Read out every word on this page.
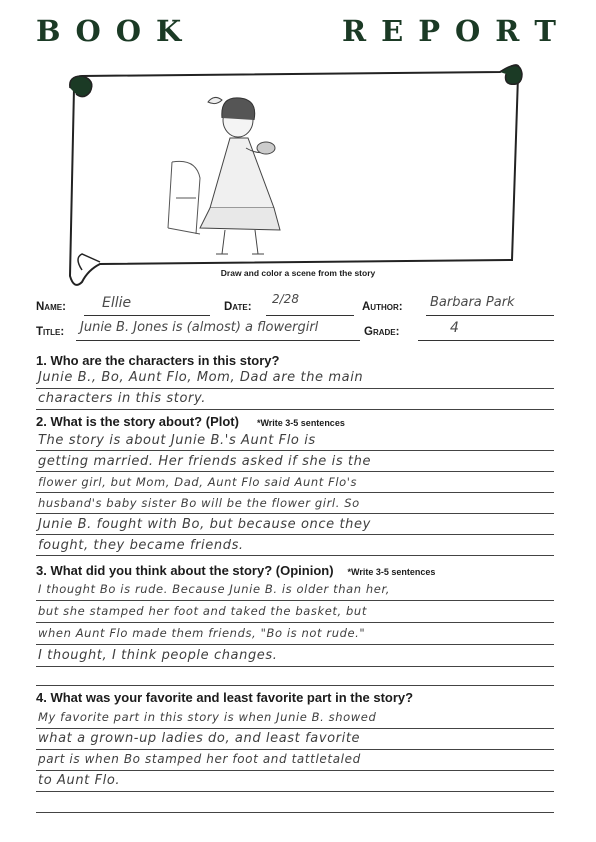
B O O K	R E P O R T
Draw and color a scene from the story
Name:	Ellie	Date:
2/28
Author: Barbara Park
Title: Junie B. Jones is (almost) a flowergirl	Grade:	4
1. Who are the characters in this story?
Junie B., Bo, Aunt Flo, Mom, Dad are the main
characters in this story.
2. What is the story about? (Plot) *Write 3-5 sentences
The story is about Junie B.'s Aunt Flo is
getting married. Her friends asked if she is the
flower girl, but Mom, Dad, Aunt Flo said Aunt Flo's
husband's baby sister Bo will be the flower girl. So
Junie B. fought with Bo, but because once they
fought, they became friends.
3. What did you think about the story? (Opinion) *Write 3-5 sentences
I thought Bo is rude. Because Junie B. is older than her,
but she stamped her foot and taked the basket, but
when Aunt Flo made them friends, "Bo is not rude."
I thought, I think people changes.
4. What was your favorite and least favorite part in the story?
My favorite part in this story is when Junie B. showed
what a grown-up ladies do, and least favorite
part is when Bo stamped her foot and tattletaled
to Aunt Flo.
